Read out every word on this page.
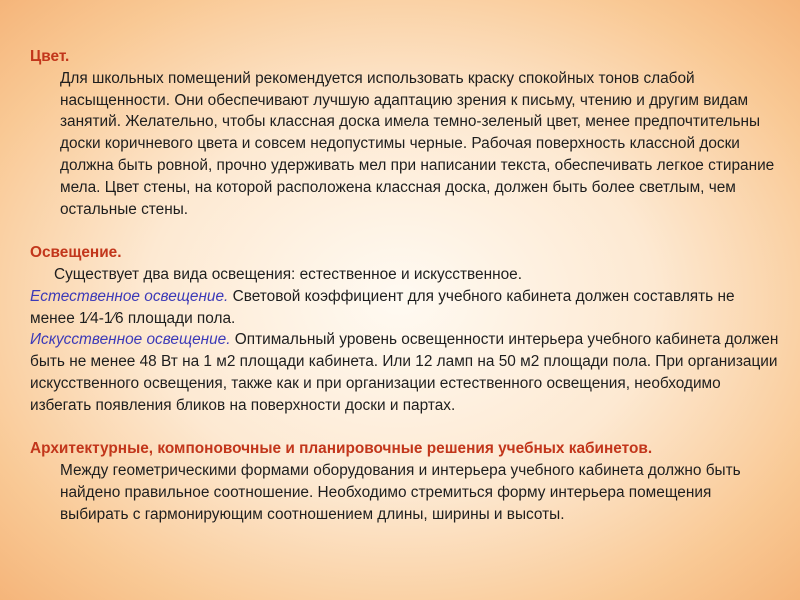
Цвет.
Для школьных помещений рекомендуется использовать краску спокойных тонов слабой насыщенности. Они обеспечивают лучшую адаптацию зрения к письму, чтению и другим видам занятий. Желательно, чтобы классная доска имела темно-зеленый цвет, менее предпочтительны доски коричневого цвета и совсем недопустимы черные. Рабочая поверхность классной доски должна быть ровной, прочно удерживать мел при написании текста, обеспечивать легкое стирание мела. Цвет стены, на которой расположена классная доска, должен быть более светлым, чем остальные стены.
Освещение.
Существует два вида освещения: естественное и искусственное.
Естественное освещение. Световой коэффициент для учебного кабинета должен составлять не менее 1⁄4-1⁄6 площади пола.
Искусственное освещение. Оптимальный уровень освещенности интерьера учебного кабинета должен быть не менее 48 Вт на 1 м2 площади кабинета. Или 12 ламп на 50 м2 площади пола. При организации искусственного освещения, также как и при организации естественного освещения, необходимо избегать появления бликов на поверхности доски и партах.
Архитектурные, компоновочные и планировочные решения учебных кабинетов.
Между геометрическими формами оборудования и интерьера учебного кабинета должно быть найдено правильное соотношение. Необходимо стремиться форму интерьера помещения выбирать с гармонирующим соотношением длины, ширины и высоты.
